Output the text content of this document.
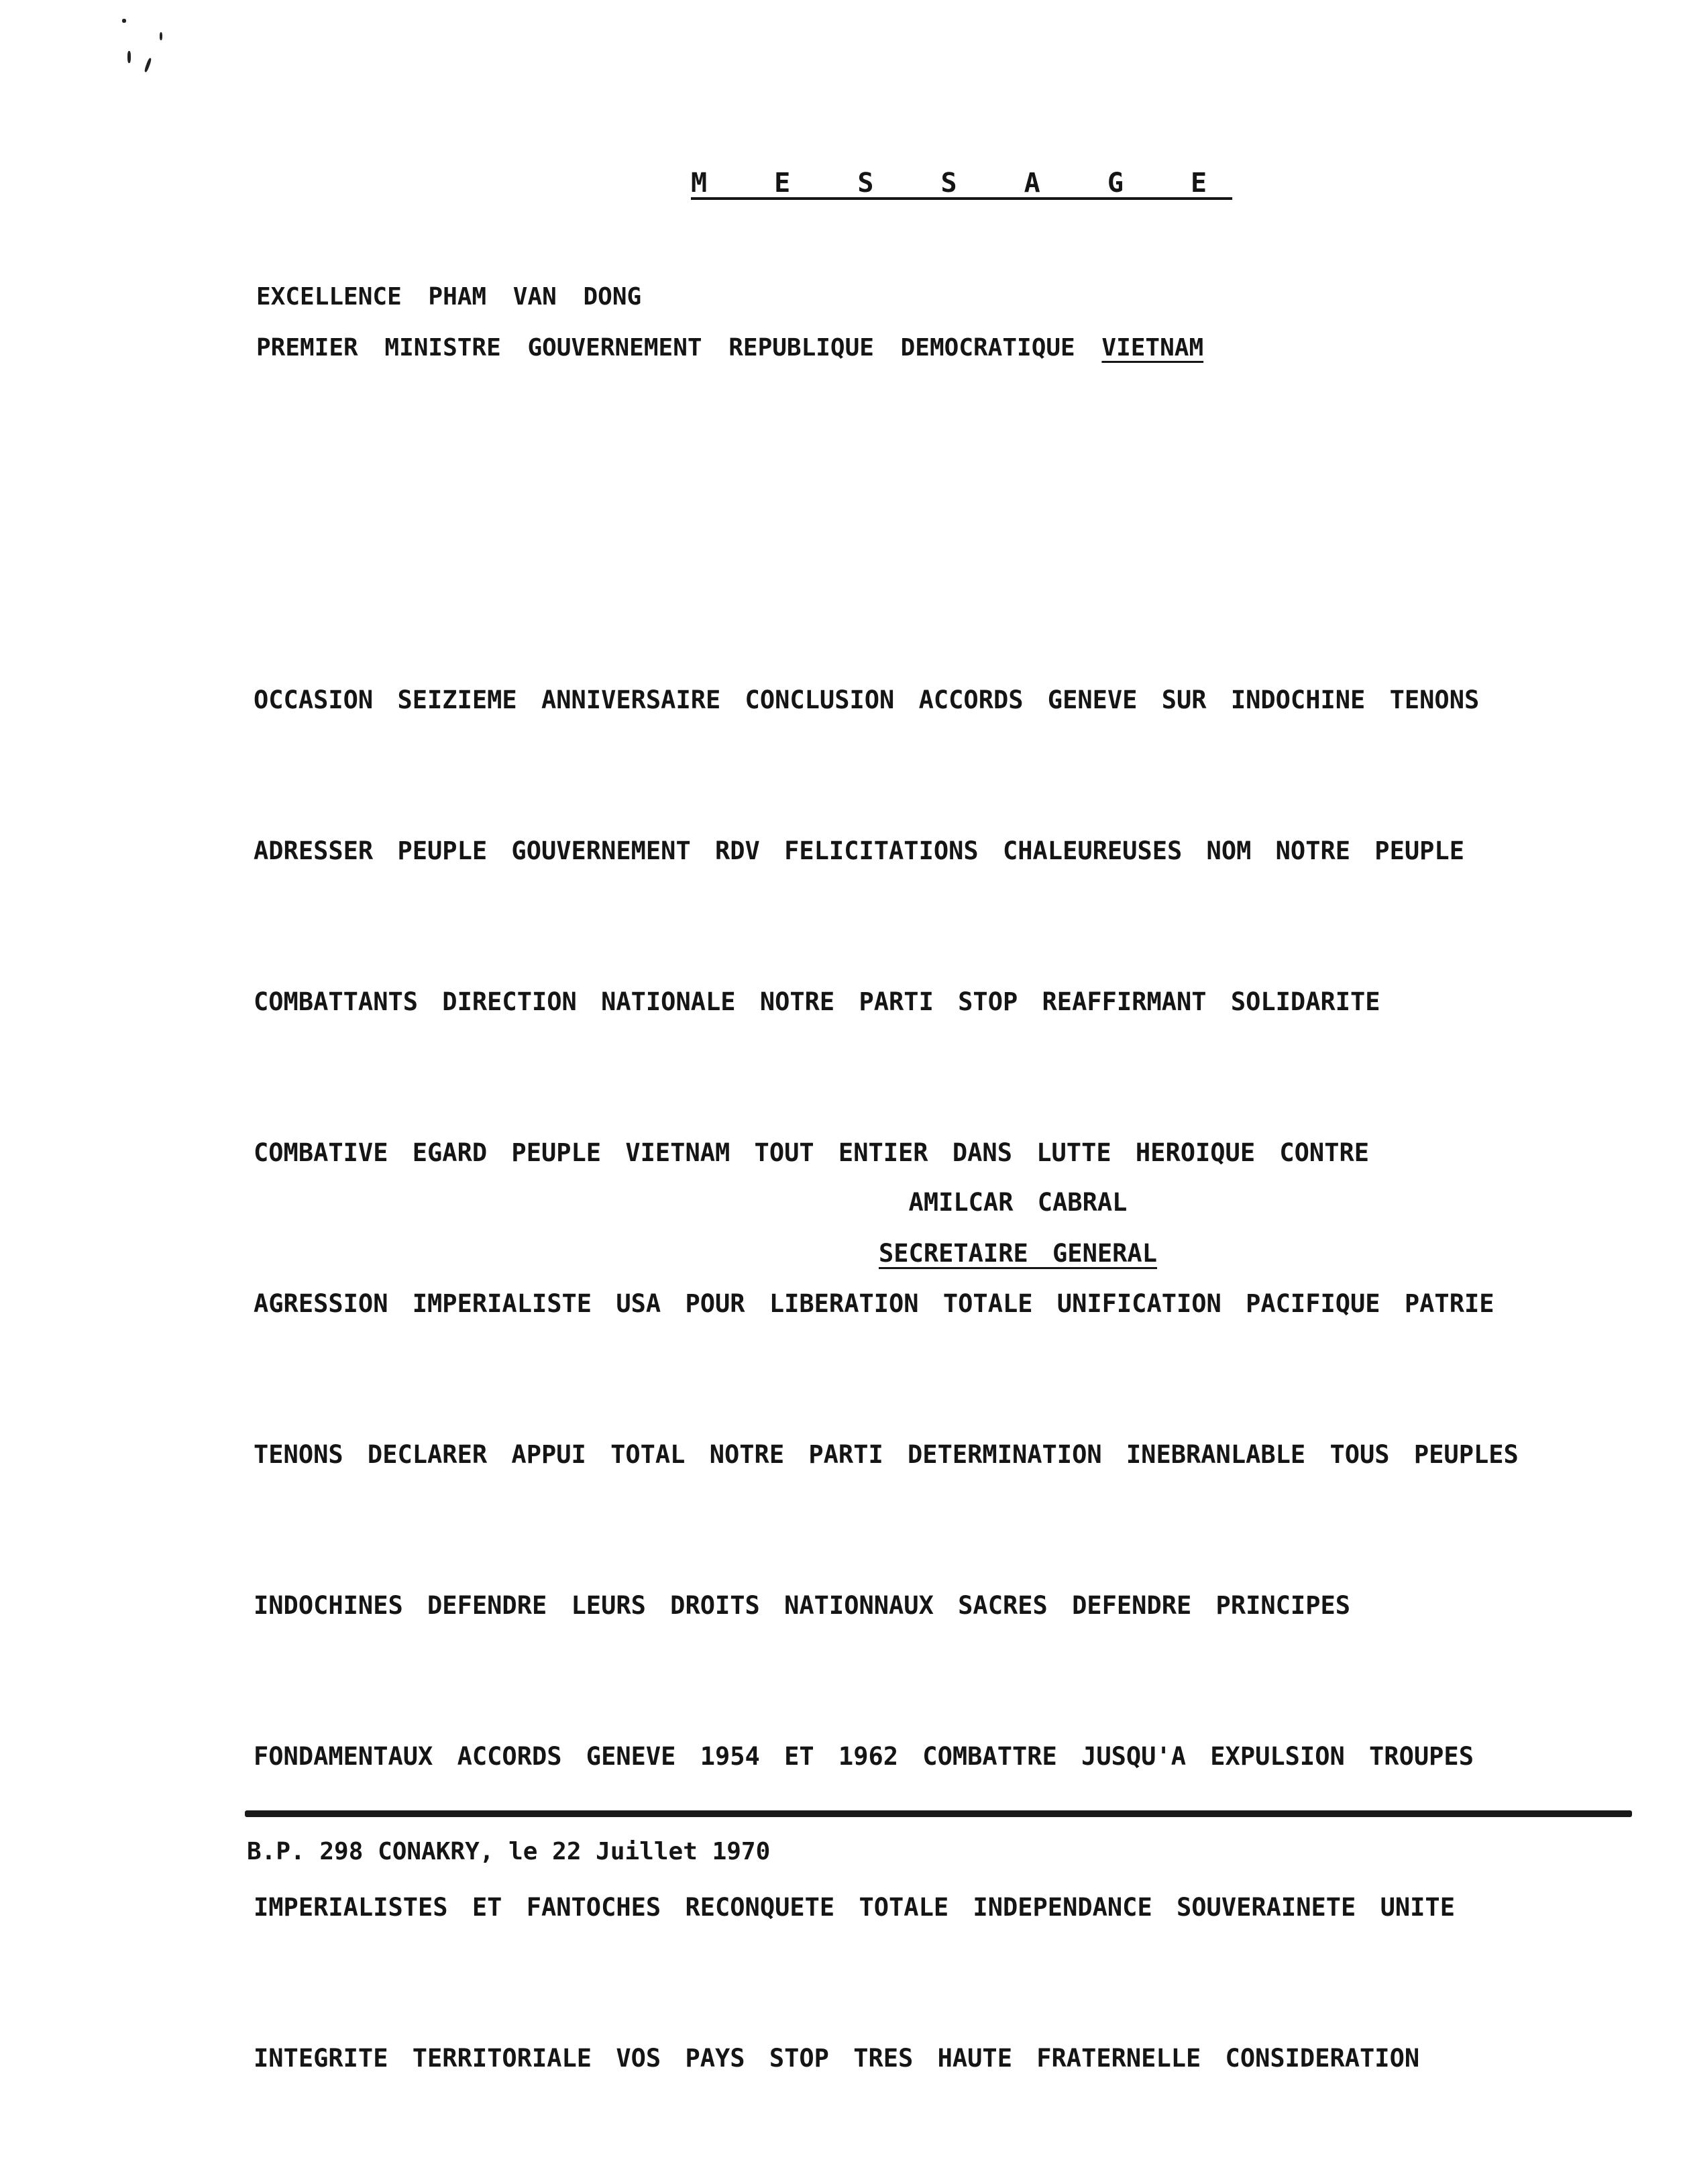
M E S S A G E
EXCELLENCE PHAM VAN DONG
PREMIER MINISTRE GOUVERNEMENT REPUBLIQUE DEMOCRATIQUE VIETNAM

OCCASION SEIZIEME ANNIVERSAIRE CONCLUSION ACCORDS GENEVE SUR INDOCHINE TENONS

ADRESSER PEUPLE GOUVERNEMENT RDV FELICITATIONS CHALEUREUSES NOM NOTRE PEUPLE

COMBATTANTS DIRECTION NATIONALE NOTRE PARTI STOP REAFFIRMANT SOLIDARITE

COMBATIVE EGARD PEUPLE VIETNAM TOUT ENTIER DANS LUTTE HEROIQUE CONTRE

AGRESSION IMPERIALISTE USA POUR LIBERATION TOTALE UNIFICATION PACIFIQUE PATRIE

TENONS DECLARER APPUI TOTAL NOTRE PARTI DETERMINATION INEBRANLABLE TOUS PEUPLES

INDOCHINES DEFENDRE LEURS DROITS NATIONNAUX SACRES DEFENDRE PRINCIPES

FONDAMENTAUX ACCORDS GENEVE 1954 ET 1962 COMBATTRE JUSQU'A EXPULSION TROUPES

IMPERIALISTES ET FANTOCHES RECONQUETE TOTALE INDEPENDANCE SOUVERAINETE UNITE

INTEGRITE TERRITORIALE VOS PAYS STOP TRES HAUTE FRATERNELLE CONSIDERATION

AMILCAR CABRAL
SECRETAIRE GENERAL
B.P. 298 CONAKRY, le 22 Juillet 1970
